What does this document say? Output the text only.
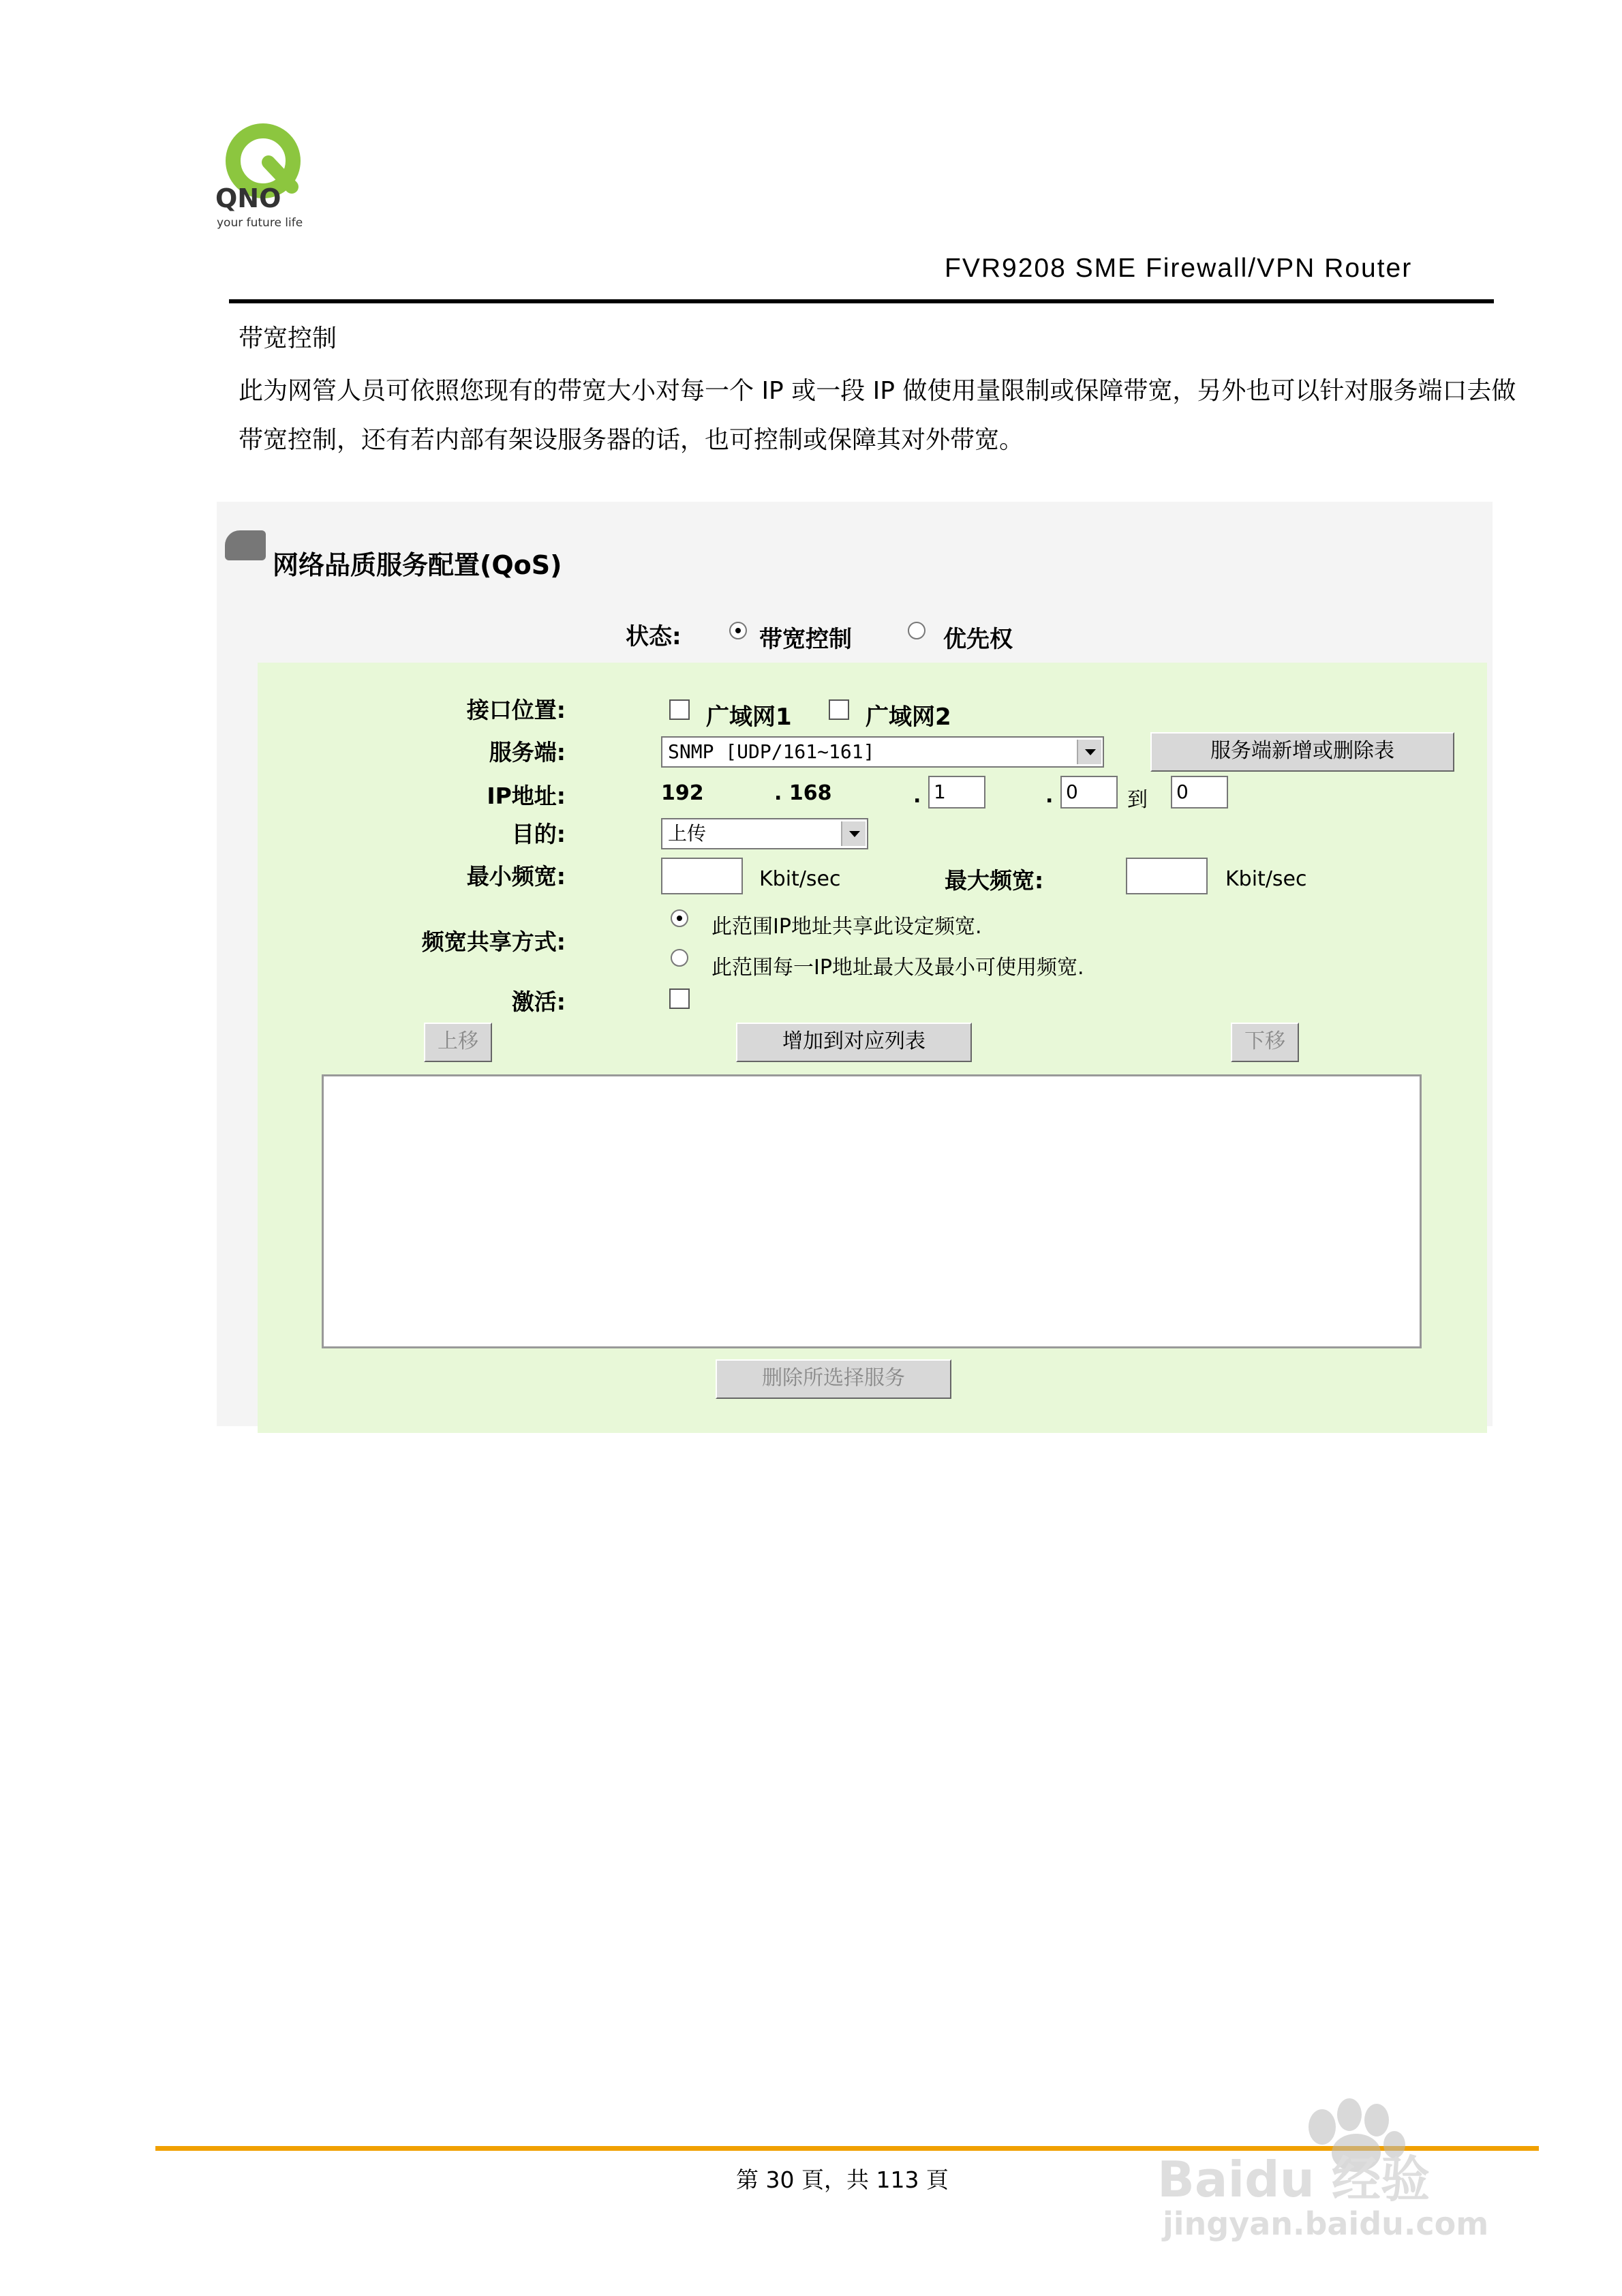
QNO
your future life
FVR9208 SME Firewall/VPN Router
带宽控制
此为网管人员可依照您现有的带宽大小对每一个 IP 或一段 IP 做使用量限制或保障带宽，另外也可以针对服务端口去做带宽控制，还有若内部有架设服务器的话，也可控制或保障其对外带宽。
网络品质服务配置(QoS)
状态:	带宽控制	优先权
接口位置:	广域网1	广域网2
服务端:	SNMP [UDP/161~161]	服务端新增或删除表
IP地址:	192	. 168	. 1	. 0	到 0
目的:	上传
最小频宽:	Kbit/sec	最大频宽:	Kbit/sec
频宽共享方式:
此范围IP地址共享此设定频宽.
此范围每一IP地址最大及最小可使用频宽.
激活:
上移	增加到对应列表	下移
删除所选择服务
第 30 頁，共 113 頁	Baidu 经验
jingyan.baidu.com
